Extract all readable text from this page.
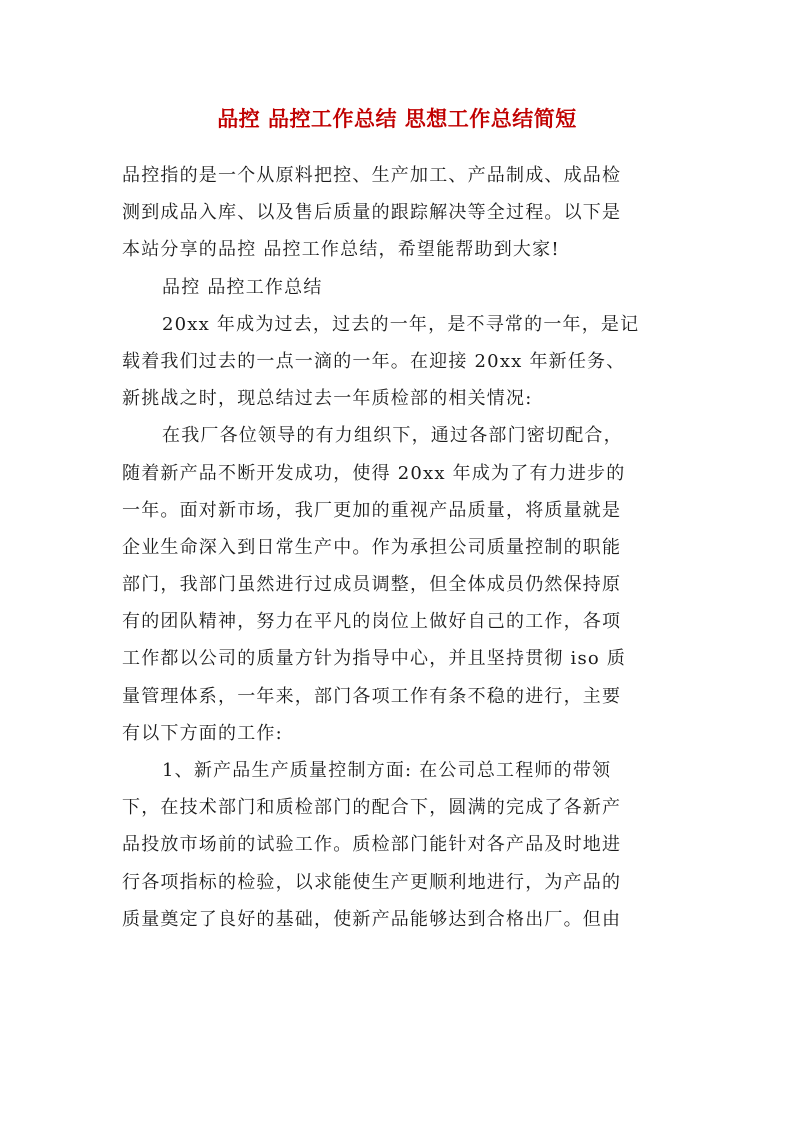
品控 品控工作总结 思想工作总结简短
品控指的是一个从原料把控、生产加工、产品制成、成品检
测到成品入库、以及售后质量的跟踪解决等全过程。以下是
本站分享的品控 品控工作总结，希望能帮助到大家!
品控 品控工作总结
20xx 年成为过去，过去的一年，是不寻常的一年，是记
载着我们过去的一点一滴的一年。在迎接 20xx 年新任务、
新挑战之时，现总结过去一年质检部的相关情况:
在我厂各位领导的有力组织下，通过各部门密切配合，
随着新产品不断开发成功，使得 20xx 年成为了有力进步的
一年。面对新市场，我厂更加的重视产品质量，将质量就是
企业生命深入到日常生产中。作为承担公司质量控制的职能
部门，我部门虽然进行过成员调整，但全体成员仍然保持原
有的团队精神，努力在平凡的岗位上做好自己的工作，各项
工作都以公司的质量方针为指导中心，并且坚持贯彻 iso 质
量管理体系，一年来，部门各项工作有条不稳的进行，主要
有以下方面的工作:
1、新产品生产质量控制方面: 在公司总工程师的带领
下，在技术部门和质检部门的配合下，圆满的完成了各新产
品投放市场前的试验工作。质检部门能针对各产品及时地进
行各项指标的检验，以求能使生产更顺利地进行，为产品的
质量奠定了良好的基础，使新产品能够达到合格出厂。但由
